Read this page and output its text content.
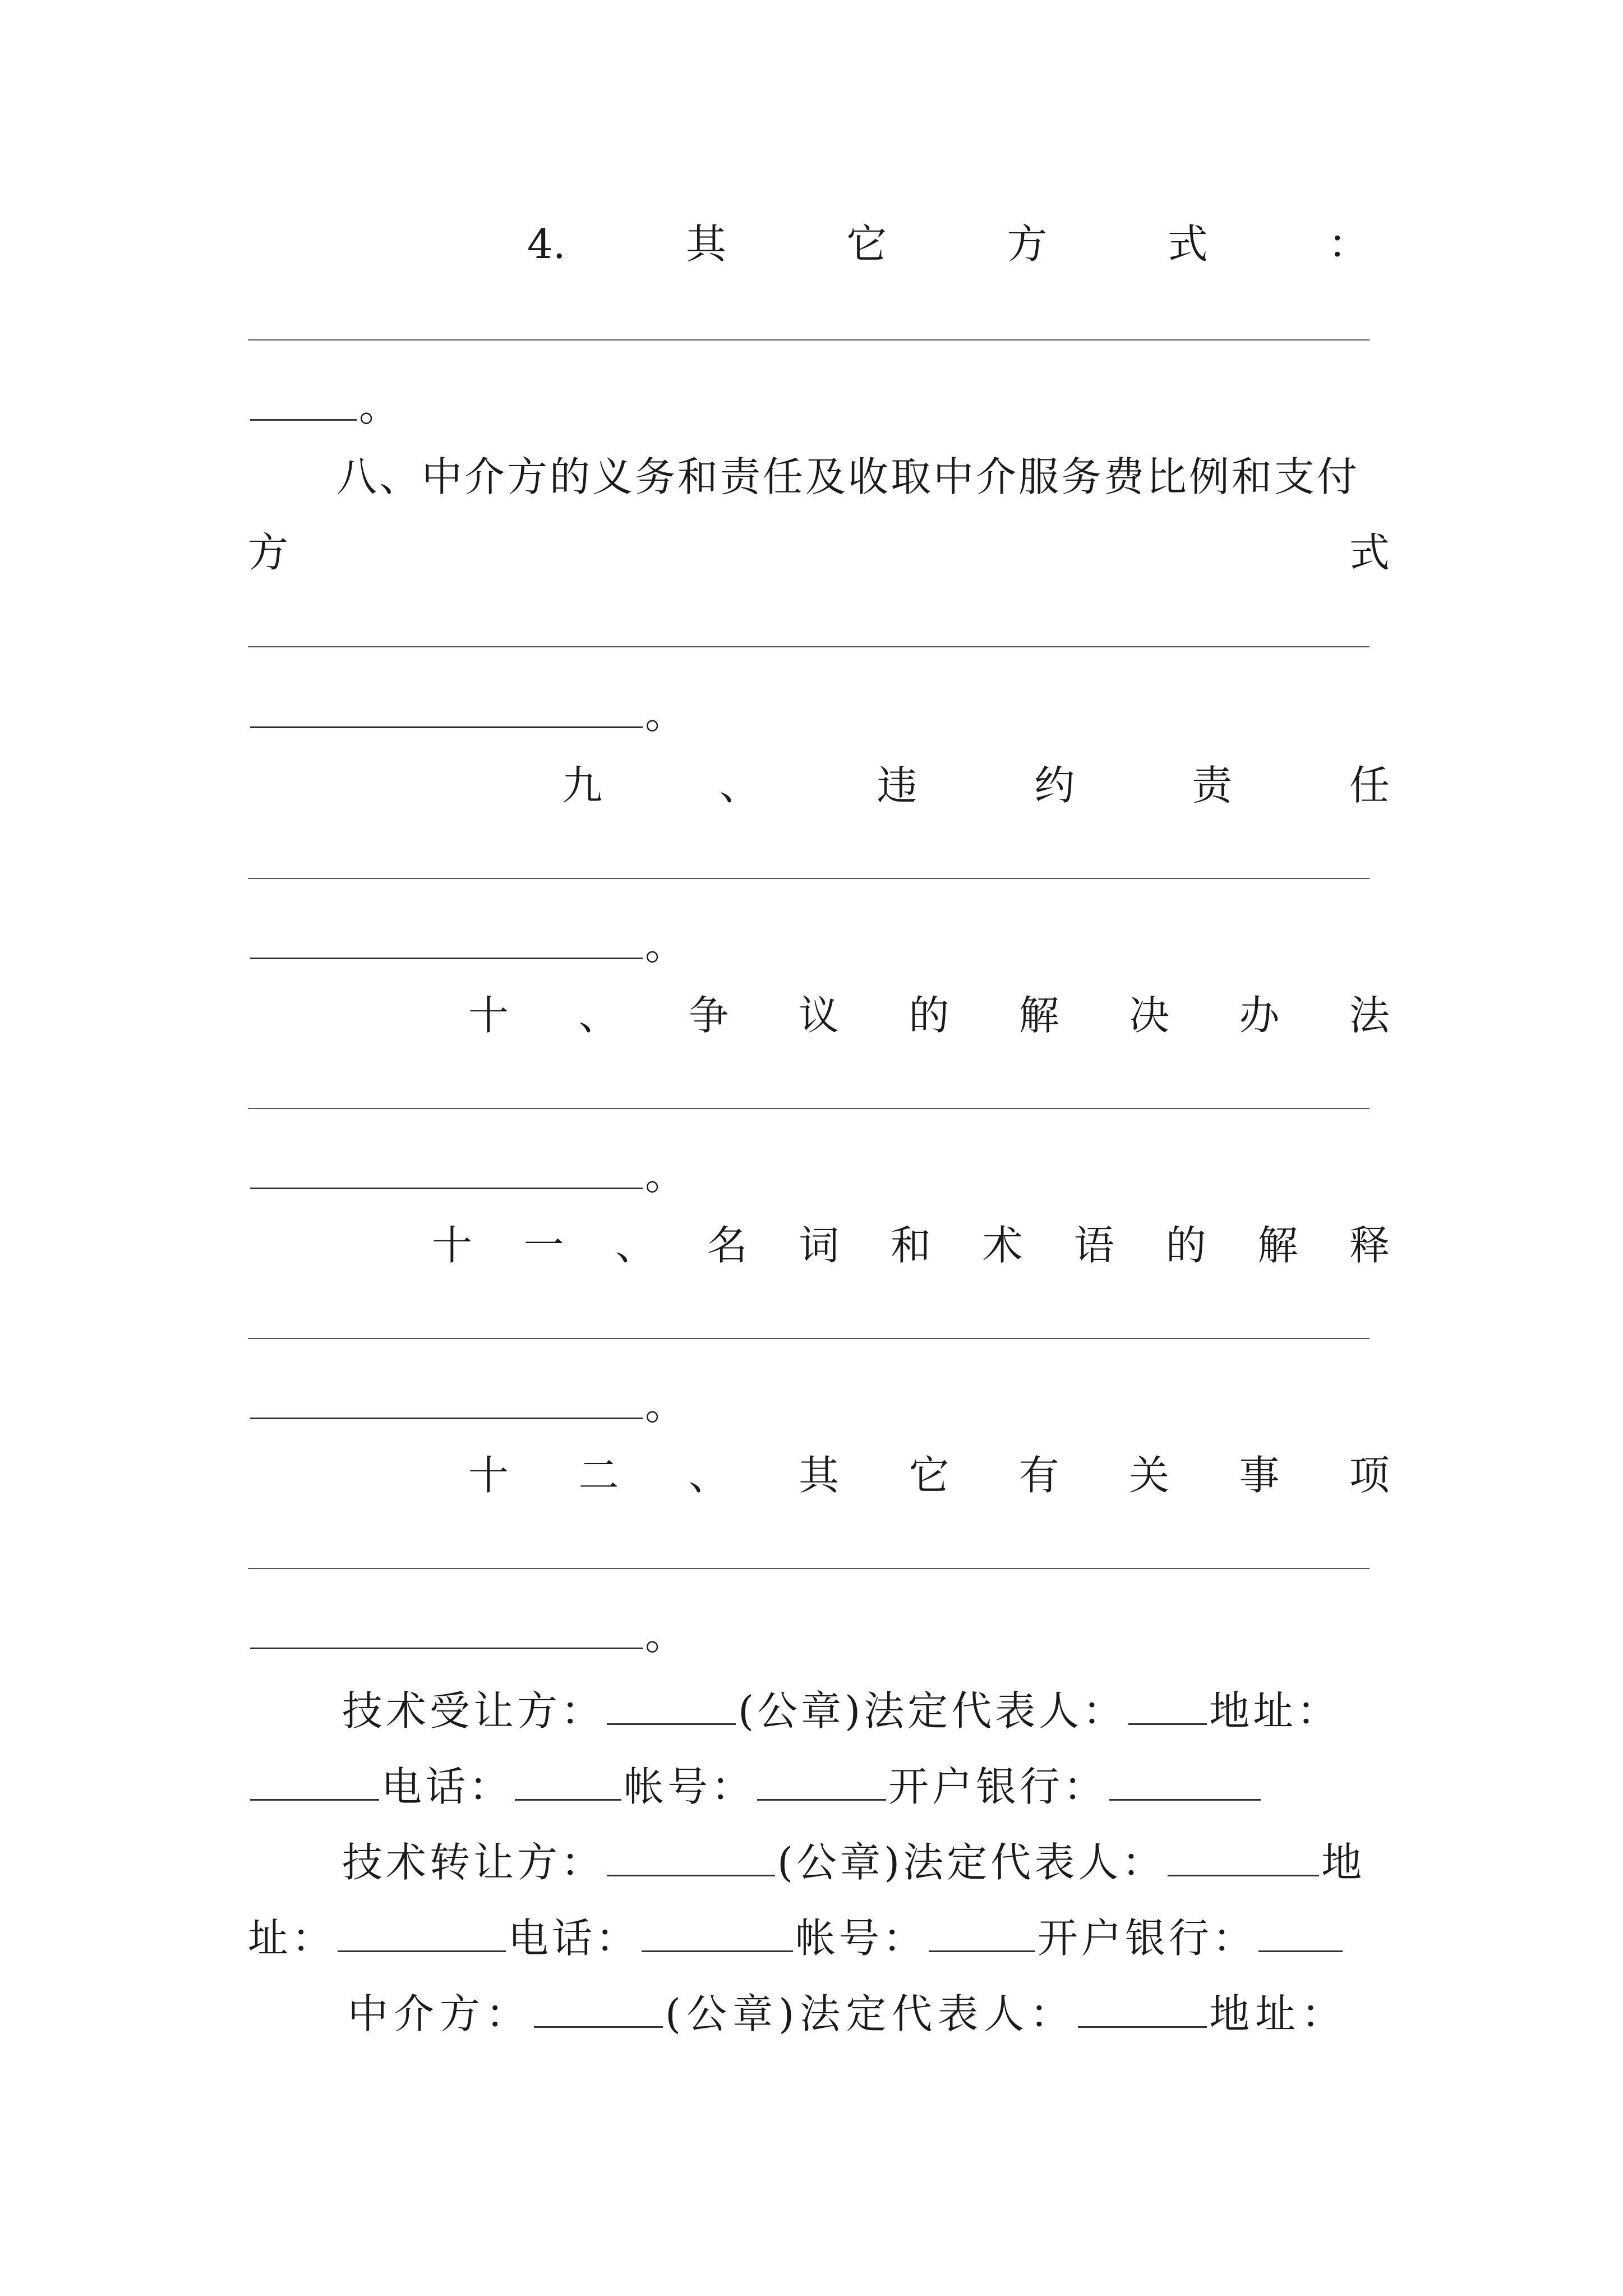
4.	其	它	方	式	：
。
八、中介方的义务和责任及收取中介服务费比例和支付
方	式
。
九	、	违	约	责	任
。
十 、 争 议 的 解 决 办 法
。
十 一 、 名 词 和 术 语 的 解 释
。
十 二 、 其 它 有 关 事 项
。
技术受让方：	(公章)法定代表人： 地址：
电话：	帐号：	开户银行：
技术转让方：	(公章)法定代表人：	地
址：	电话：	帐号：	开户银行：
中介方：	(公章)法定代表人：	地址：
